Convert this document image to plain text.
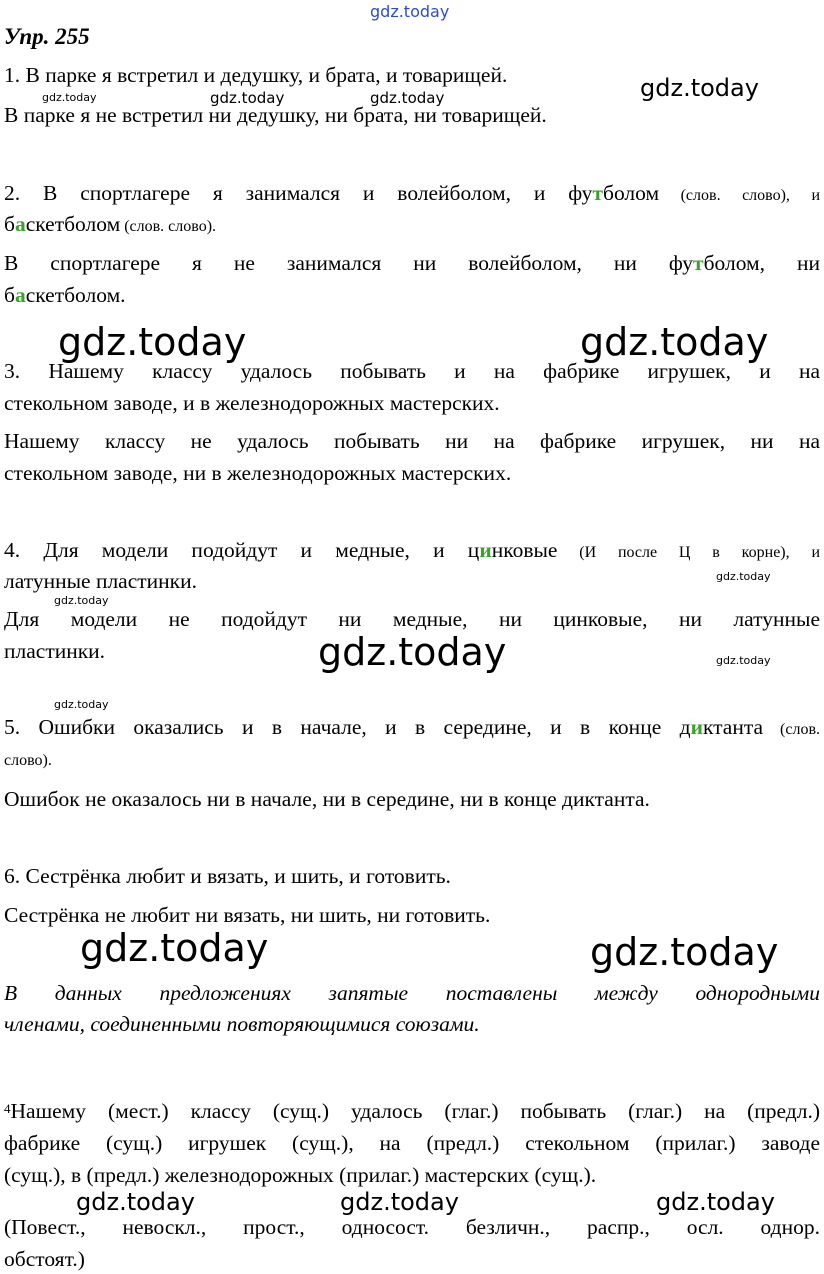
gdz.today
Упр. 255
1. В парке я встретил и дедушку, и брата, и товарищей.	gdz.today
gdz.today	gdz.today	gdz.today
В парке я не встретил ни дедушку, ни брата, ни товарищей.
2. В спортлагере я занимался и волейболом, и футболом (слов. слово), и
баскетболом (слов. слово).
В спортлагере я не занимался ни волейболом, ни футболом, ни
баскетболом.
gdz.today	gdz.today
3. Нашему классу удалось побывать и на фабрике игрушек, и на
стекольном заводе, и в железнодорожных мастерских.
Нашему классу не удалось побывать ни на фабрике игрушек, ни на
стекольном заводе, ни в железнодорожных мастерских.
4. Для модели подойдут и медные, и цинковые (И после Ц в корне), и
латунные пластинки.	gdz.today
gdz.today
Для модели не подойдут ни медные, ни цинковые, ни латунные
пластинки.	gdz.today	gdz.today
gdz.today
5. Ошибки оказались и в начале, и в середине, и в конце диктанта (слов.
слово).
Ошибок не оказалось ни в начале, ни в середине, ни в конце диктанта.
6. Сестрёнка любит и вязать, и шить, и готовить.
Сестрёнка не любит ни вязать, ни шить, ни готовить.
gdz.today	gdz.today
В данных предложениях запятые поставлены между однородными
членами, соединенными повторяющимися союзами.
$^4$Нашему (мест.) классу (сущ.) удалось (глаг.) побывать (глаг.) на (предл.)
фабрике (сущ.) игрушек (сущ.), на (предл.) стекольном (прилаг.) заводе
(сущ.), в (предл.) железнодорожных (прилаг.) мастерских (сущ.).
gdz.today	gdz.today	gdz.today
(Повест., невоскл., прост., односост. безличн., распр., осл. однор.
обстоят.)
